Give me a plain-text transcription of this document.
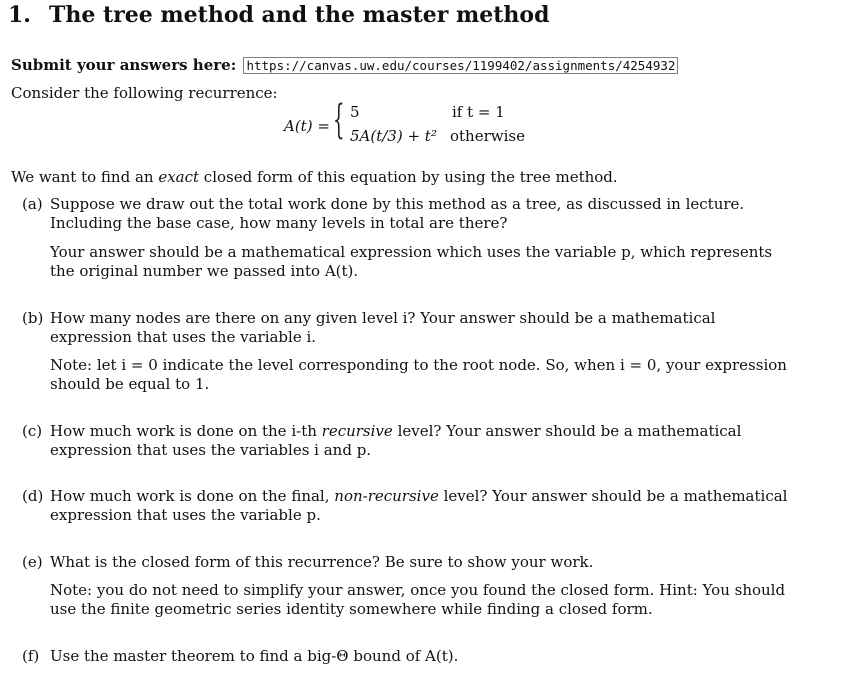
1. The tree method and the master method
Submit your answers here: https://canvas.uw.edu/courses/1199402/assignments/4254932
Consider the following recurrence:
A(t) = { 5	if t = 1
5A(t/3) + t² otherwise
We want to find an exact closed form of this equation by using the tree method.
(a) Suppose we draw out the total work done by this method as a tree, as discussed in lecture. Including the base case, how many levels in total are there?
Your answer should be a mathematical expression which uses the variable p, which represents the original number we passed into A(t).
(b) How many nodes are there on any given level i? Your answer should be a mathematical expression that uses the variable i.
Note: let i = 0 indicate the level corresponding to the root node. So, when i = 0, your expression should be equal to 1.
(c) How much work is done on the i-th recursive level? Your answer should be a mathematical expression that uses the variables i and p.
(d) How much work is done on the final, non-recursive level? Your answer should be a mathematical expression that uses the variable p.
(e) What is the closed form of this recurrence? Be sure to show your work.
Note: you do not need to simplify your answer, once you found the closed form. Hint: You should use the finite geometric series identity somewhere while finding a closed form.
(f) Use the master theorem to find a big-Θ bound of A(t).
